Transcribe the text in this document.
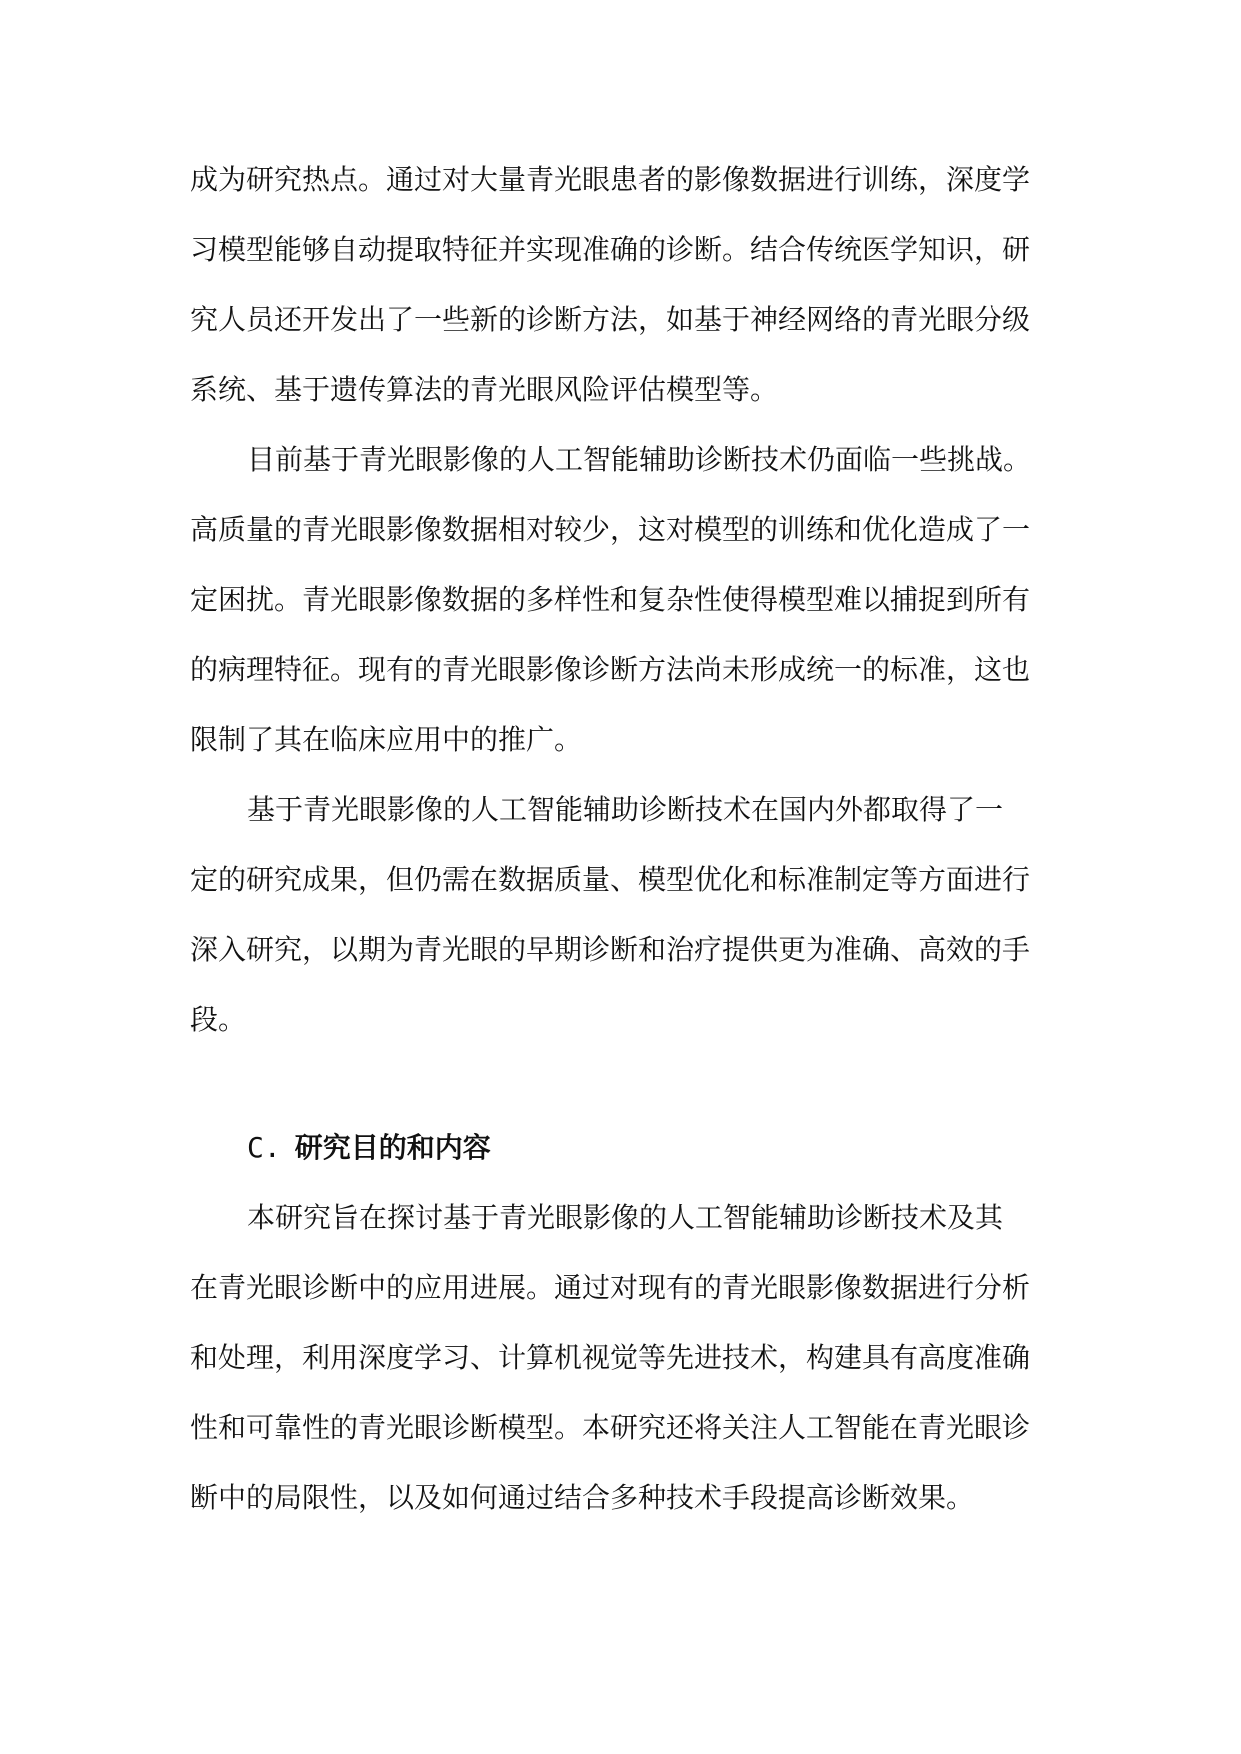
成为研究热点。通过对大量青光眼患者的影像数据进行训练，深度学
习模型能够自动提取特征并实现准确的诊断。结合传统医学知识，研
究人员还开发出了一些新的诊断方法，如基于神经网络的青光眼分级
系统、基于遗传算法的青光眼风险评估模型等。
目前基于青光眼影像的人工智能辅助诊断技术仍面临一些挑战。
高质量的青光眼影像数据相对较少，这对模型的训练和优化造成了一
定困扰。青光眼影像数据的多样性和复杂性使得模型难以捕捉到所有
的病理特征。现有的青光眼影像诊断方法尚未形成统一的标准，这也
限制了其在临床应用中的推广。
基于青光眼影像的人工智能辅助诊断技术在国内外都取得了一
定的研究成果，但仍需在数据质量、模型优化和标准制定等方面进行
深入研究，以期为青光眼的早期诊断和治疗提供更为准确、高效的手
段。
C. 研究目的和内容
本研究旨在探讨基于青光眼影像的人工智能辅助诊断技术及其
在青光眼诊断中的应用进展。通过对现有的青光眼影像数据进行分析
和处理，利用深度学习、计算机视觉等先进技术，构建具有高度准确
性和可靠性的青光眼诊断模型。本研究还将关注人工智能在青光眼诊
断中的局限性，以及如何通过结合多种技术手段提高诊断效果。
